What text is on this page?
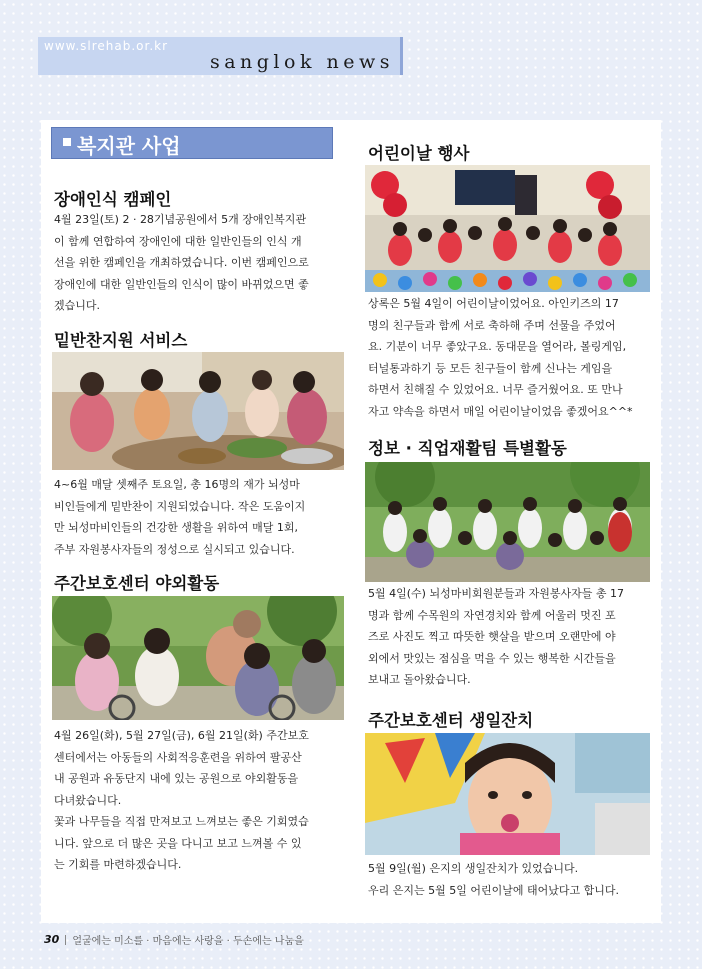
www.slrehab.or.kr
sanglok news
복지관 사업
장애인식 캠페인

4월 23일(토) 2 · 28기념공원에서 5개 장애인복지관
이 함께 연합하여 장애인에 대한 일반인들의 인식 개
선을 위한 캠페인을 개최하였습니다. 이번 캠페인으로
장애인에 대한 일반인들의 인식이 많이 바뀌었으면 좋
겠습니다.

밑반찬지원 서비스

4~6월 매달 셋째주 토요일, 총 16명의 재가 뇌성마
비인들에게 밑반찬이 지원되었습니다. 작은 도움이지
만 뇌성마비인들의 건강한 생활을 위하여 매달 1회,
주부 자원봉사자들의 정성으로 실시되고 있습니다.

주간보호센터 야외활동

4월 26일(화), 5월 27일(금), 6월 21일(화) 주간보호
센터에서는 아동들의 사회적응훈련을 위하여 팔공산
내 공원과 유동단지 내에 있는 공원으로 야외활동을
다녀왔습니다.
꽃과 나무들을 직접 만져보고 느껴보는 좋은 기회였습
니다. 앞으로 더 많은 곳을 다니고 보고 느껴볼 수 있
는 기회를 마련하겠습니다.

어린이날 행사

상록은 5월 4일이 어린이날이었어요. 아인키즈의 17
명의 친구들과 함께 서로 축하해 주며 선물을 주었어
요. 기분이 너무 좋았구요. 동대문을 열어라, 볼링게임,
터널통과하기 등 모든 친구들이 함께 신나는 게임을
하면서 친해질 수 있었어요. 너무 즐거웠어요. 또 만나
자고 약속을 하면서 매일 어린이날이었음 좋겠어요^^*

정보 · 직업재활팀 특별활동

5월 4일(수) 뇌성마비회원분들과 자원봉사자들 총 17
명과 함께 수목원의 자연경치와 함께 어울러 멋진 포
즈로 사진도 찍고 따뜻한 햇살을 받으며 오랜만에 야
외에서 맛있는 점심을 먹을 수 있는 행복한 시간들을
보내고 돌아왔습니다.

주간보호센터 생일잔치

5월 9일(월) 은지의 생일잔치가 있었습니다.
우리 은지는 5월 5일 어린이날에 태어났다고 합니다.

30 얼굴에는 미소를 · 마음에는 사랑을 · 두손에는 나눔을
